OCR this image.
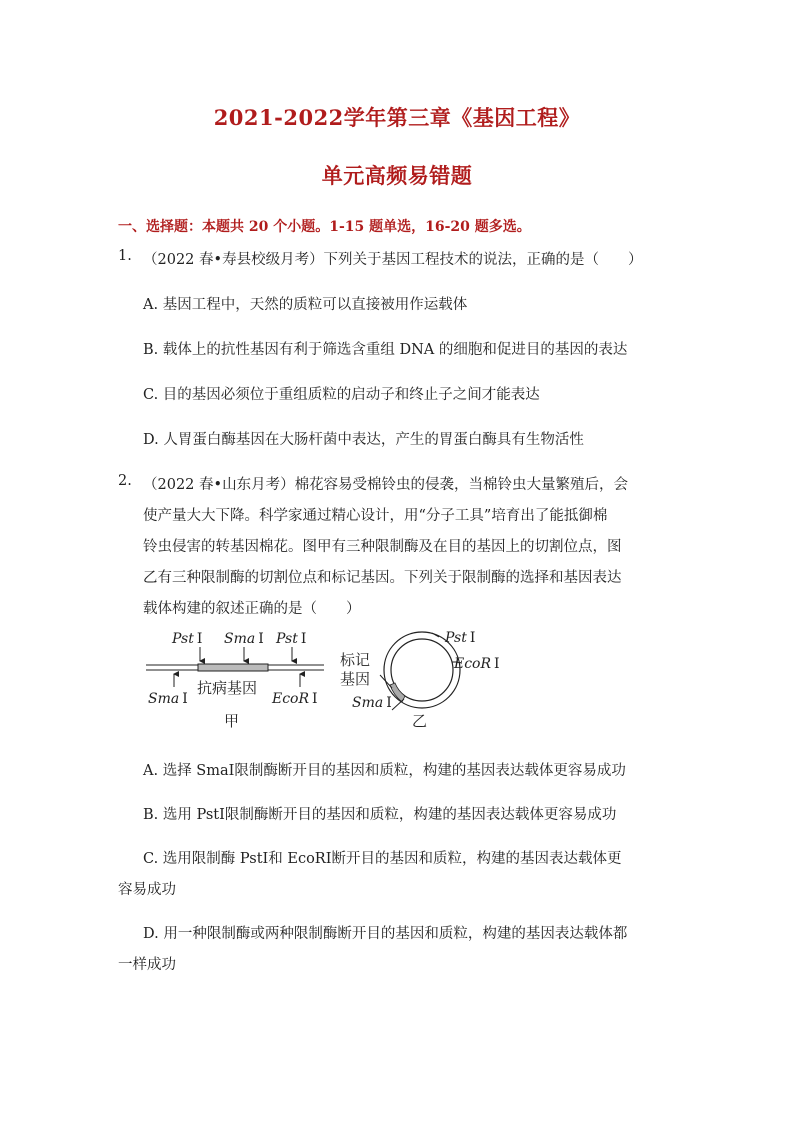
2021-2022学年第三章《基因工程》
单元高频易错题
一、选择题：本题共 20 个小题。1-15 题单选，16-20 题多选。
1. （2022 春•寿县校级月考）下列关于基因工程技术的说法，正确的是（　　）
A. 基因工程中，天然的质粒可以直接被用作运载体
B. 载体上的抗性基因有利于筛选含重组 DNA 的细胞和促进目的基因的表达
C. 目的基因必须位于重组质粒的启动子和终止子之间才能表达
D. 人胃蛋白酶基因在大肠杆菌中表达，产生的胃蛋白酶具有生物活性
2. （2022 春•山东月考）棉花容易受棉铃虫的侵袭，当棉铃虫大量繁殖后，会
使产量大大下降。科学家通过精心设计，用“分子工具”培育出了能抵御棉
铃虫侵害的转基因棉花。图甲有三种限制酶及在目的基因上的切割位点，图
乙有三种限制酶的切割位点和标记基因。下列关于限制酶的选择和基因表达
载体构建的叙述正确的是（　　）
Pst Ⅰ Sma Ⅰ Pst Ⅰ
Sma Ⅰ
抗病基因
EcoR Ⅰ
甲
Pst Ⅰ
EcoR Ⅰ
标记
基因
Sma Ⅰ
乙
A. 选择 SmaⅠ限制酶断开目的基因和质粒，构建的基因表达载体更容易成功
B. 选用 PstⅠ限制酶断开目的基因和质粒，构建的基因表达载体更容易成功
C. 选用限制酶 PstⅠ和 EcoRⅠ断开目的基因和质粒，构建的基因表达载体更
容易成功
D. 用一种限制酶或两种限制酶断开目的基因和质粒，构建的基因表达载体都
一样成功
